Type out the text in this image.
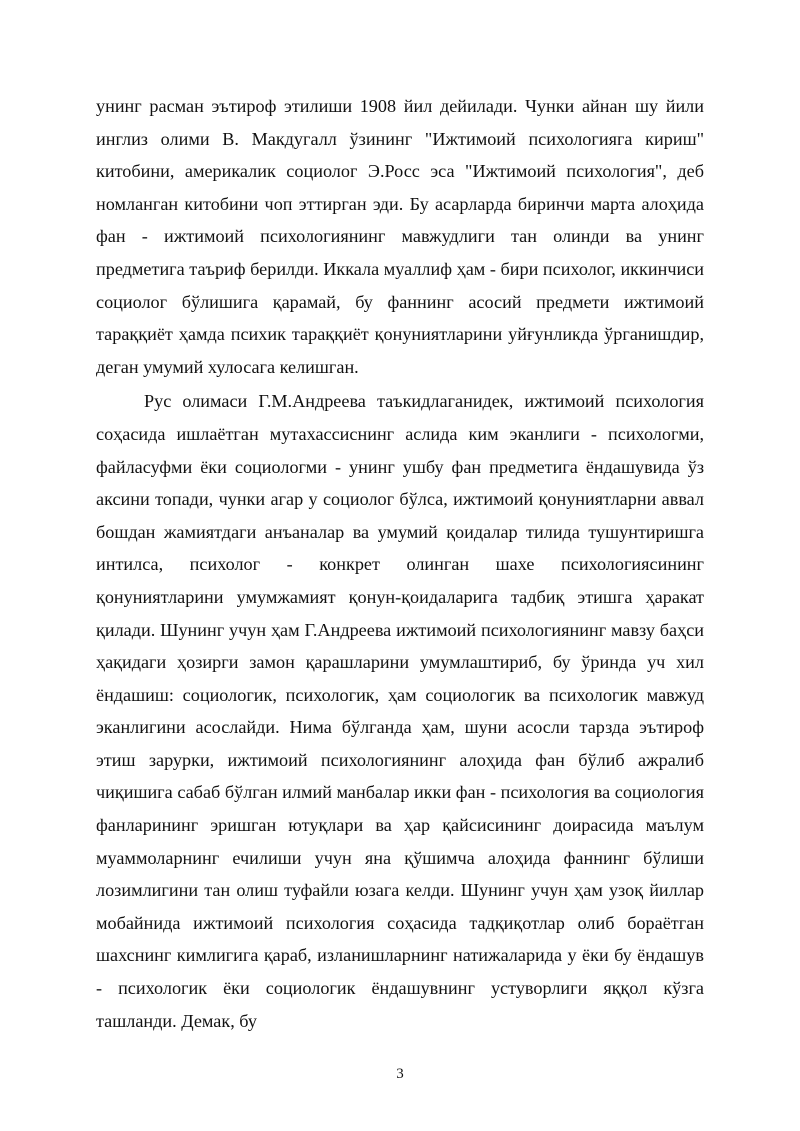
унинг расман эътироф этилиши 1908 йил дейилади. Чунки айнан шу йили инглиз олими В. Макдугалл ўзининг "Ижтимоий психологияга кириш" китобини, америкалик социолог Э.Росс эса "Ижтимоий психология", деб номланган китобини чоп эттирган эди. Бу асарларда биринчи марта алоҳида фан - ижтимоий психологиянинг мавжудлиги тан олинди ва унинг предметига таъриф берилди. Иккала муаллиф ҳам - бири психолог, иккинчиси социолог бўлишига қарамай, бу фаннинг асосий предмети ижтимоий тараққиёт ҳамда психик тараққиёт қонуниятларини уйғунликда ўрганишдир, деган умумий хулосага келишган.

Рус олимаси Г.М.Андреева таъкидлаганидек, ижтимоий психология соҳасида ишлаётган мутахассиснинг аслида ким эканлиги - психологми, файласуфми ёки социологми - унинг ушбу фан предметига ёндашувида ўз аксини топади, чунки агар у социолог бўлса, ижтимоий қонуниятларни аввал бошдан жамиятдаги анъаналар ва умумий қоидалар тилида тушунтиришга интилса, психолог - конкрет олинган шахе психологиясининг қонуниятларини умумжамият қонун-қоидаларига тадбиқ этишга ҳаракат қилади. Шунинг учун ҳам Г.Андреева ижтимоий психологиянинг мавзу баҳси ҳақидаги ҳозирги замон қарашларини умумлаштириб, бу ўринда уч хил ёндашиш: социологик, психологик, ҳам социологик ва психологик мавжуд эканлигини асослайди. Нима бўлганда ҳам, шуни асосли тарзда эътироф этиш зарурки, ижтимоий психологиянинг алоҳида фан бўлиб ажралиб чиқишига сабаб бўлган илмий манбалар икки фан - психология ва социология фанларининг эришган ютуқлари ва ҳар қайсисининг доирасида маълум муаммоларнинг ечилиши учун яна қўшимча алоҳида фаннинг бўлиши лозимлигини тан олиш туфайли юзага келди. Шунинг учун ҳам узоқ йиллар мобайнида ижтимоий психология соҳасида тадқиқотлар олиб бораётган шахснинг кимлигига қараб, изланишларнинг натижаларида у ёки бу ёндашув - психологик ёки социологик ёндашувнинг устуворлиги яққол кўзга ташланди. Демак, бу

3
